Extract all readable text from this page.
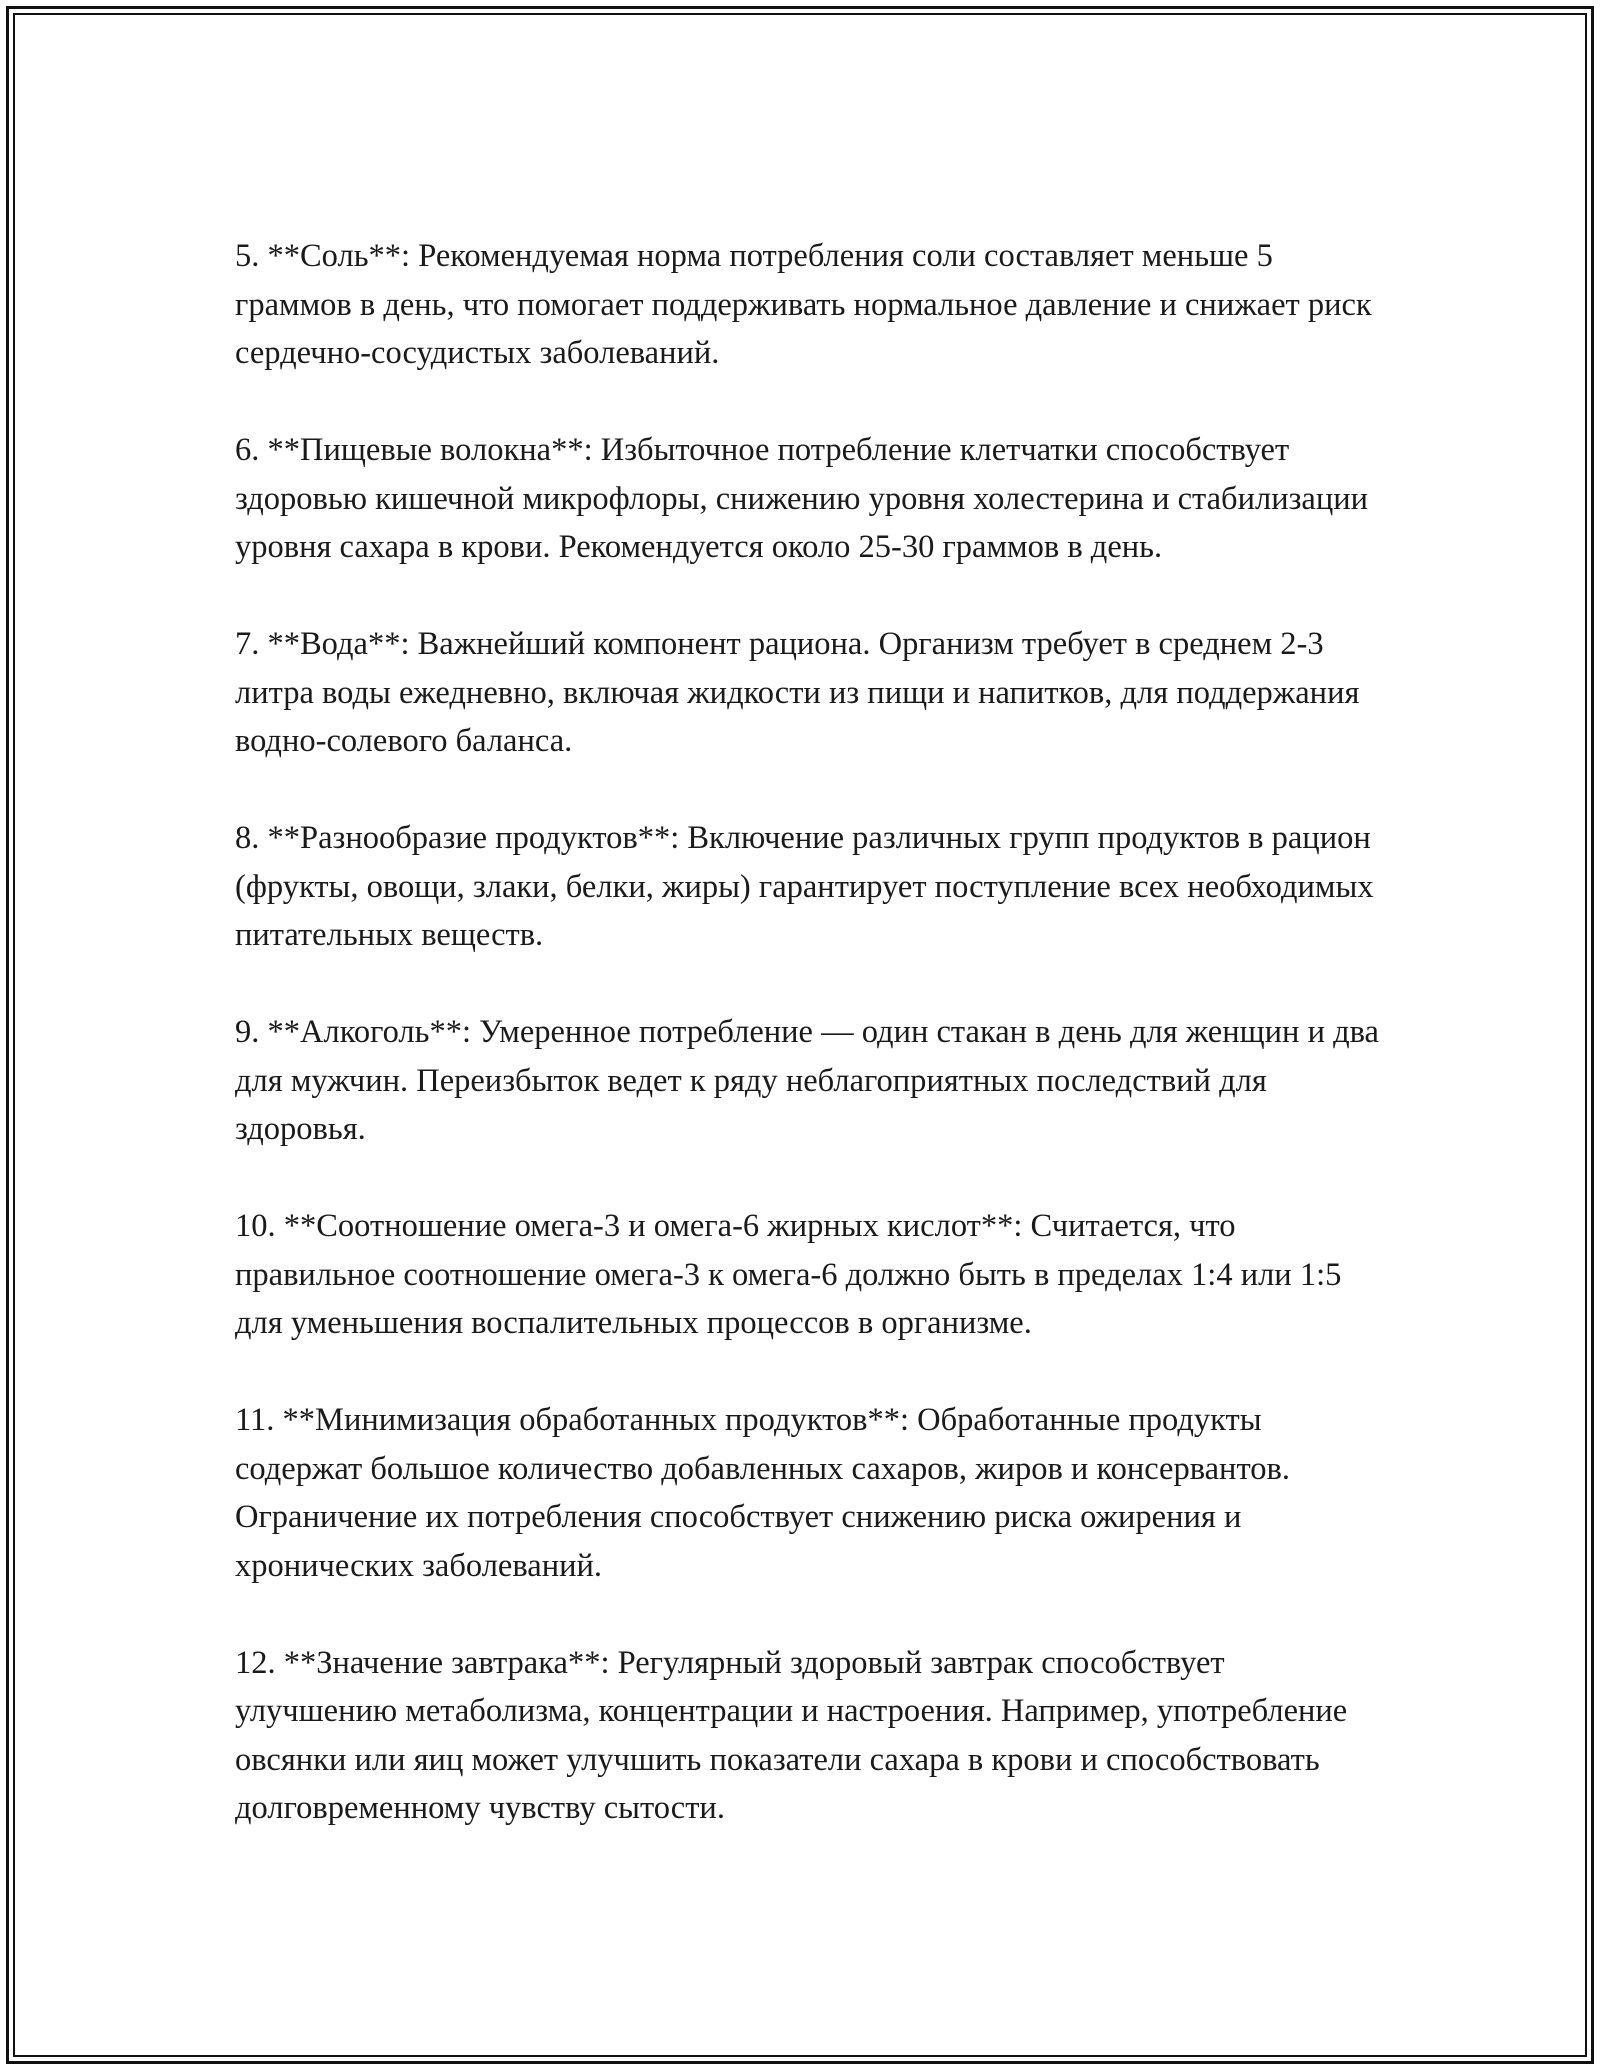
5. **Соль**: Рекомендуемая норма потребления соли составляет меньше 5 граммов в день, что помогает поддерживать нормальное давление и снижает риск сердечно-сосудистых заболеваний.

6. **Пищевые волокна**: Избыточное потребление клетчатки способствует здоровью кишечной микрофлоры, снижению уровня холестерина и стабилизации уровня сахара в крови. Рекомендуется около 25-30 граммов в день.

7. **Вода**: Важнейший компонент рациона. Организм требует в среднем 2-3 литра воды ежедневно, включая жидкости из пищи и напитков, для поддержания водно-солевого баланса.

8. **Разнообразие продуктов**: Включение различных групп продуктов в рацион (фрукты, овощи, злаки, белки, жиры) гарантирует поступление всех необходимых питательных веществ.

9. **Алкоголь**: Умеренное потребление — один стакан в день для женщин и два для мужчин. Переизбыток ведет к ряду неблагоприятных последствий для здоровья.

10. **Соотношение омега-3 и омега-6 жирных кислот**: Считается, что правильное соотношение омега-3 к омега-6 должно быть в пределах 1:4 или 1:5 для уменьшения воспалительных процессов в организме.

11. **Минимизация обработанных продуктов**: Обработанные продукты содержат большое количество добавленных сахаров, жиров и консервантов. Ограничение их потребления способствует снижению риска ожирения и хронических заболеваний.

12. **Значение завтрака**: Регулярный здоровый завтрак способствует улучшению метаболизма, концентрации и настроения. Например, употребление овсянки или яиц может улучшить показатели сахара в крови и способствовать долговременному чувству сытости.
